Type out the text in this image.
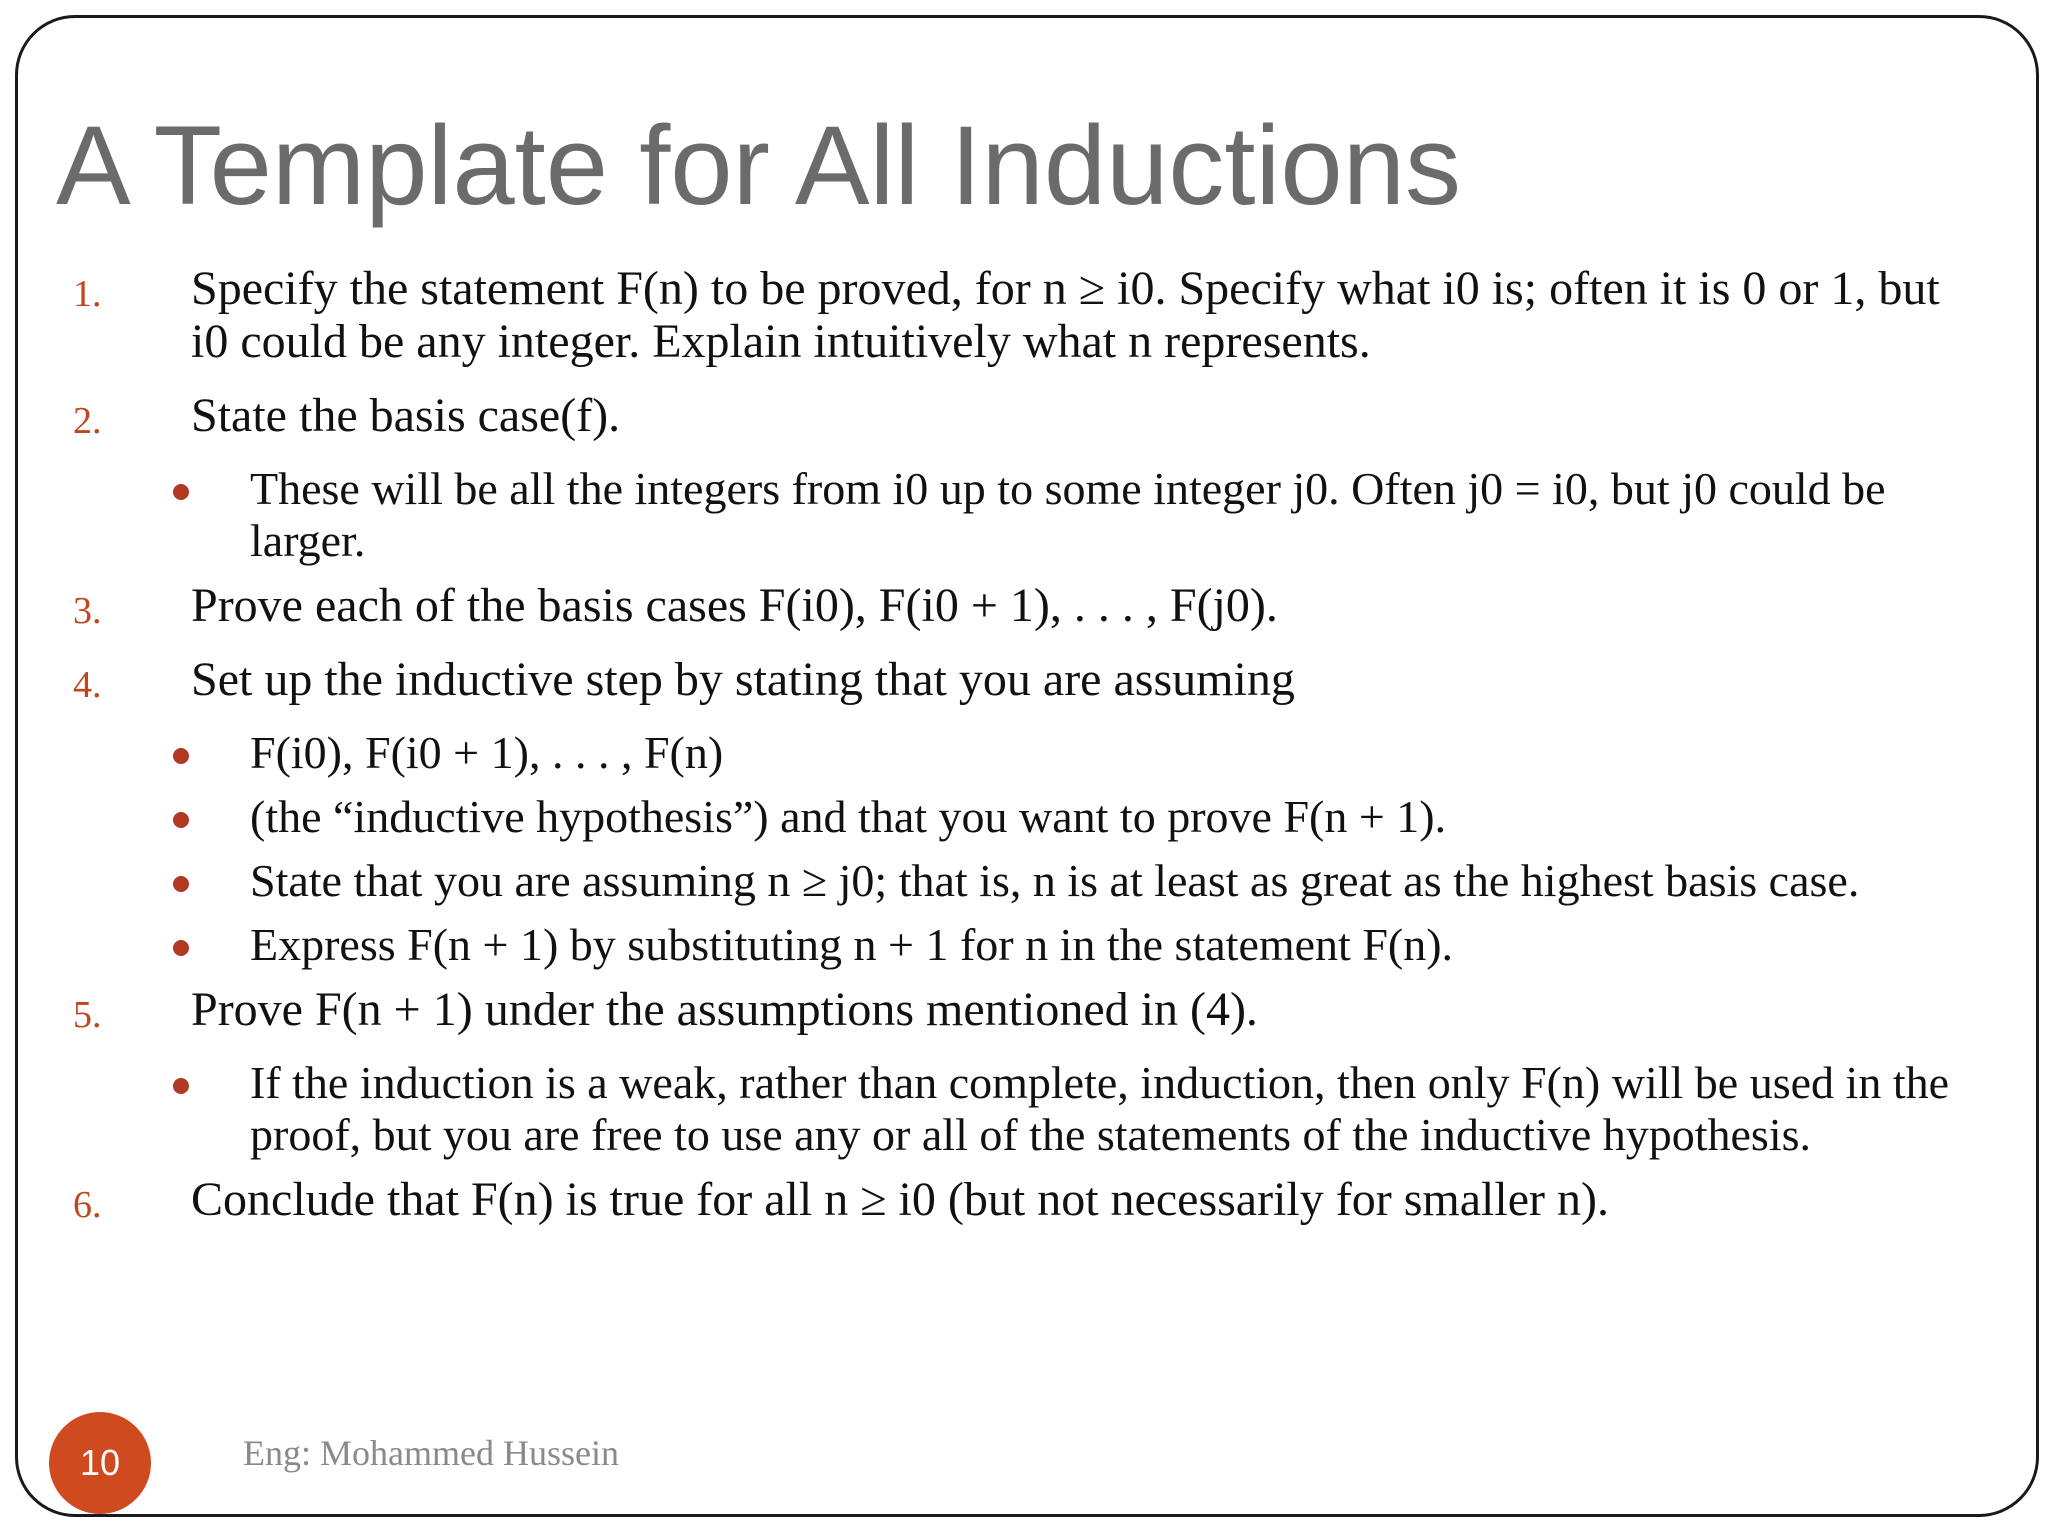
A Template for All Inductions
1. Specify the statement F(n) to be proved, for n ≥ i0. Specify what i0 is; often it is 0 or 1, but i0 could be any integer. Explain intuitively what n represents.
2. State the basis case(f).
These will be all the integers from i0 up to some integer j0. Often j0 = i0, but j0 could be larger.
3. Prove each of the basis cases F(i0), F(i0 + 1), . . . , F(j0).
4. Set up the inductive step by stating that you are assuming
F(i0), F(i0 + 1), . . . , F(n)
(the “inductive hypothesis”) and that you want to prove F(n + 1).
State that you are assuming n ≥ j0; that is, n is at least as great as the highest basis case.
Express F(n + 1) by substituting n + 1 for n in the statement F(n).
5. Prove F(n + 1) under the assumptions mentioned in (4).
If the induction is a weak, rather than complete, induction, then only F(n) will be used in the proof, but you are free to use any or all of the statements of the inductive hypothesis.
6. Conclude that F(n) is true for all n ≥ i0 (but not necessarily for smaller n).
10	Eng: Mohammed Hussein
